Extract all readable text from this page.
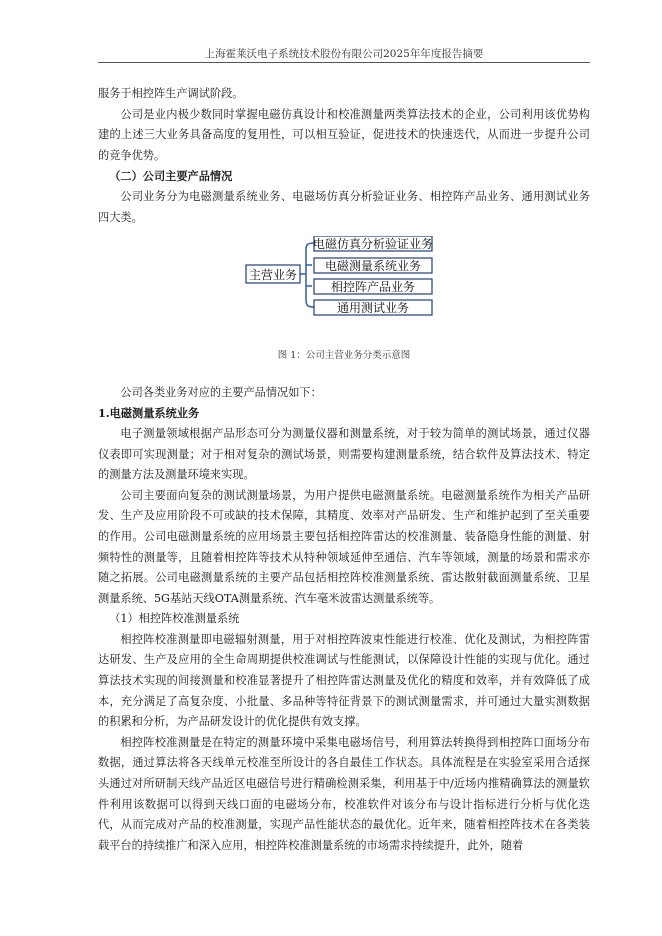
上海霍莱沃电子系统技术股份有限公司2025年年度报告摘要

服务于相控阵生产调试阶段。

公司是业内极少数同时掌握电磁仿真设计和校准测量两类算法技术的企业，公司利用该优势构建的上述三大业务具备高度的复用性，可以相互验证，促进技术的快速迭代，从而进一步提升公司的竞争优势。

（二）公司主要产品情况

公司业务分为电磁测量系统业务、电磁场仿真分析验证业务、相控阵产品业务、通用测试业务四大类。

主营业务
电磁仿真分析验证业务
电磁测量系统业务
相控阵产品业务
通用测试业务
图 1：公司主营业务分类示意图

公司各类业务对应的主要产品情况如下：

1.电磁测量系统业务

电子测量领域根据产品形态可分为测量仪器和测量系统，对于较为简单的测试场景，通过仪器仪表即可实现测量；对于相对复杂的测试场景，则需要构建测量系统，结合软件及算法技术、特定的测量方法及测量环境来实现。

公司主要面向复杂的测试测量场景，为用户提供电磁测量系统。电磁测量系统作为相关产品研发、生产及应用阶段不可或缺的技术保障，其精度、效率对产品研发、生产和维护起到了至关重要的作用。公司电磁测量系统的应用场景主要包括相控阵雷达的校准测量、装备隐身性能的测量、射频特性的测量等，且随着相控阵等技术从特种领域延伸至通信、汽车等领域，测量的场景和需求亦随之拓展。公司电磁测量系统的主要产品包括相控阵校准测量系统、雷达散射截面测量系统、卫星测量系统、5G基站天线OTA测量系统、汽车毫米波雷达测量系统等。

（1）相控阵校准测量系统

相控阵校准测量即电磁辐射测量，用于对相控阵波束性能进行校准、优化及测试，为相控阵雷达研发、生产及应用的全生命周期提供校准调试与性能测试，以保障设计性能的实现与优化。通过算法技术实现的间接测量和校准显著提升了相控阵雷达测量及优化的精度和效率，并有效降低了成本，充分满足了高复杂度、小批量、多品种等特征背景下的测试测量需求，并可通过大量实测数据的积累和分析，为产品研发设计的优化提供有效支撑。

相控阵校准测量是在特定的测量环境中采集电磁场信号，利用算法转换得到相控阵口面场分布数据，通过算法将各天线单元校准至所设计的各自最佳工作状态。具体流程是在实验室采用合适探头通过对所研制天线产品近区电磁信号进行精确检测采集，利用基于中/近场内推精确算法的测量软件利用该数据可以得到天线口面的电磁场分布，校准软件对该分布与设计指标进行分析与优化迭代，从而完成对产品的校准测量，实现产品性能状态的最优化。近年来，随着相控阵技术在各类装载平台的持续推广和深入应用，相控阵校准测量系统的市场需求持续提升，此外，随着
